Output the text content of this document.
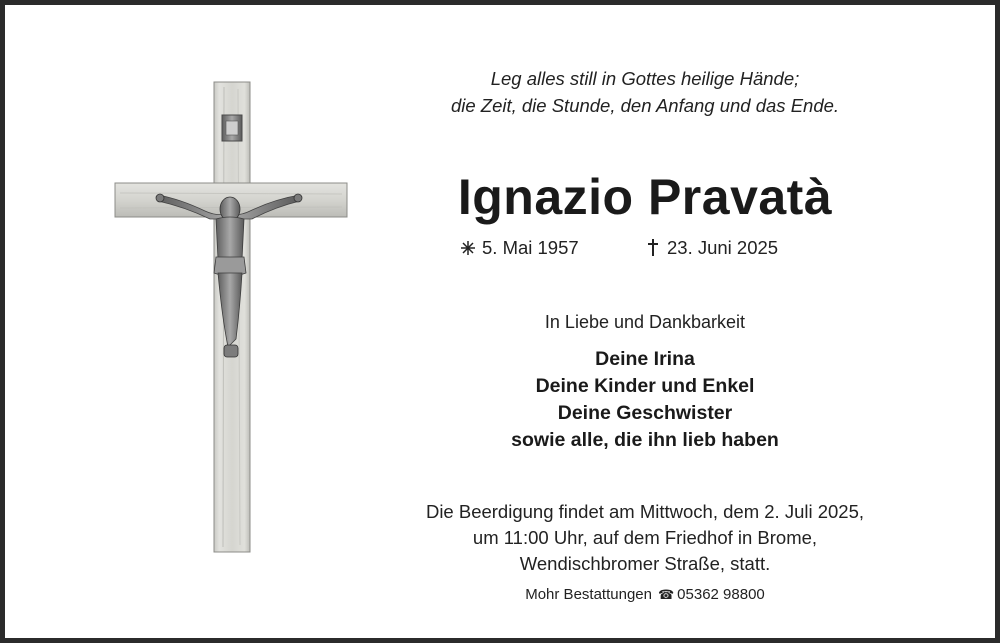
Leg alles still in Gottes heilige Hände;
die Zeit, die Stunde, den Anfang und das Ende.
Ignazio Pravatà
5. Mai 1957	23. Juni 2025
In Liebe und Dankbarkeit
Deine Irina
Deine Kinder und Enkel
Deine Geschwister
sowie alle, die ihn lieb haben
Die Beerdigung findet am Mittwoch, dem 2. Juli 2025,
um 11:00 Uhr, auf dem Friedhof in Brome,
Wendischbromer Straße, statt.
Mohr Bestattungen ☎ 05362 98800
